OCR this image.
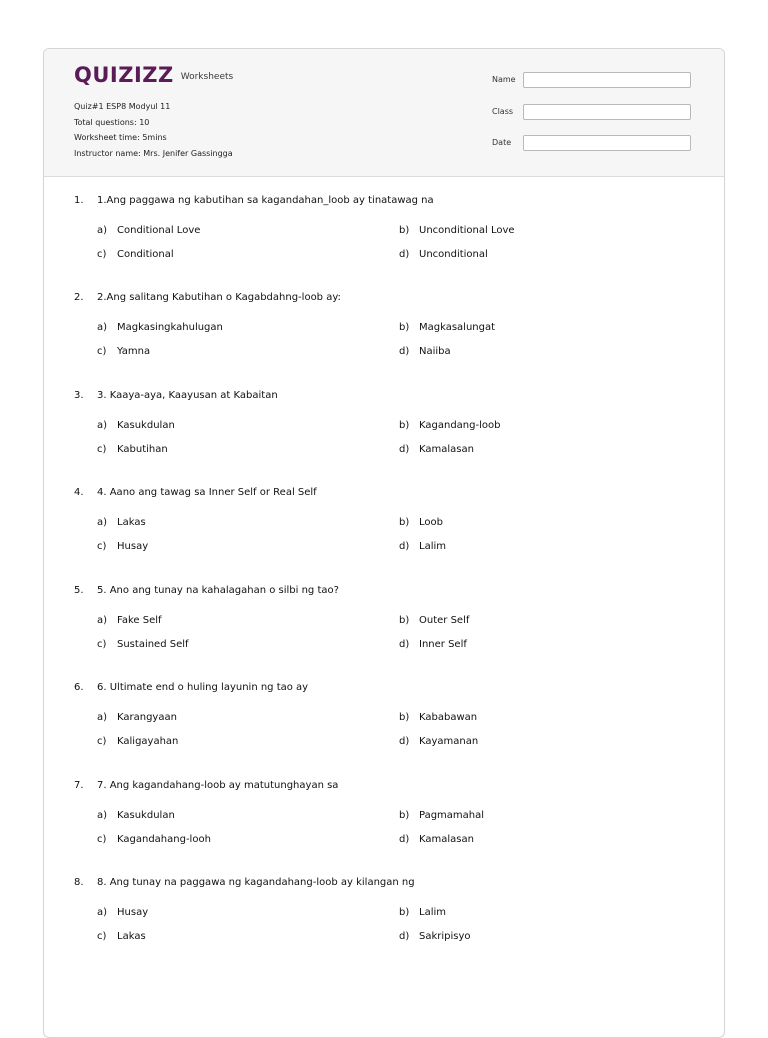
QUIZIZZ Worksheets
Quiz#1 ESP8 Modyul 11
Total questions: 10
Worksheet time: 5mins
Instructor name: Mrs. Jenifer Gassingga
Name
Class
Date
1. 1.Ang paggawa ng kabutihan sa kagandahan_loob ay tinatawag na
a) Conditional Love	b) Unconditional Love
c) Conditional	d) Unconditional
2. 2.Ang salitang Kabutihan o Kagabdahng-loob ay:
a) Magkasingkahulugan	b) Magkasalungat
c) Yamna	d) Naiiba
3. 3. Kaaya-aya, Kaayusan at Kabaitan
a) Kasukdulan	b) Kagandang-loob
c) Kabutihan	d) Kamalasan
4. 4. Aano ang tawag sa Inner Self or Real Self
a) Lakas	b) Loob
c) Husay	d) Lalim
5. 5. Ano ang tunay na kahalagahan o silbi ng tao?
a) Fake Self	b) Outer Self
c) Sustained Self	d) Inner Self
6. 6. Ultimate end o huling layunin ng tao ay
a) Karangyaan	b) Kababawan
c) Kaligayahan	d) Kayamanan
7. 7. Ang kagandahang-loob ay matutunghayan sa
a) Kasukdulan	b) Pagmamahal
c) Kagandahang-looh	d) Kamalasan
8. 8. Ang tunay na paggawa ng kagandahang-loob ay kilangan ng
a) Husay	b) Lalim
c) Lakas	d) Sakripisyo
